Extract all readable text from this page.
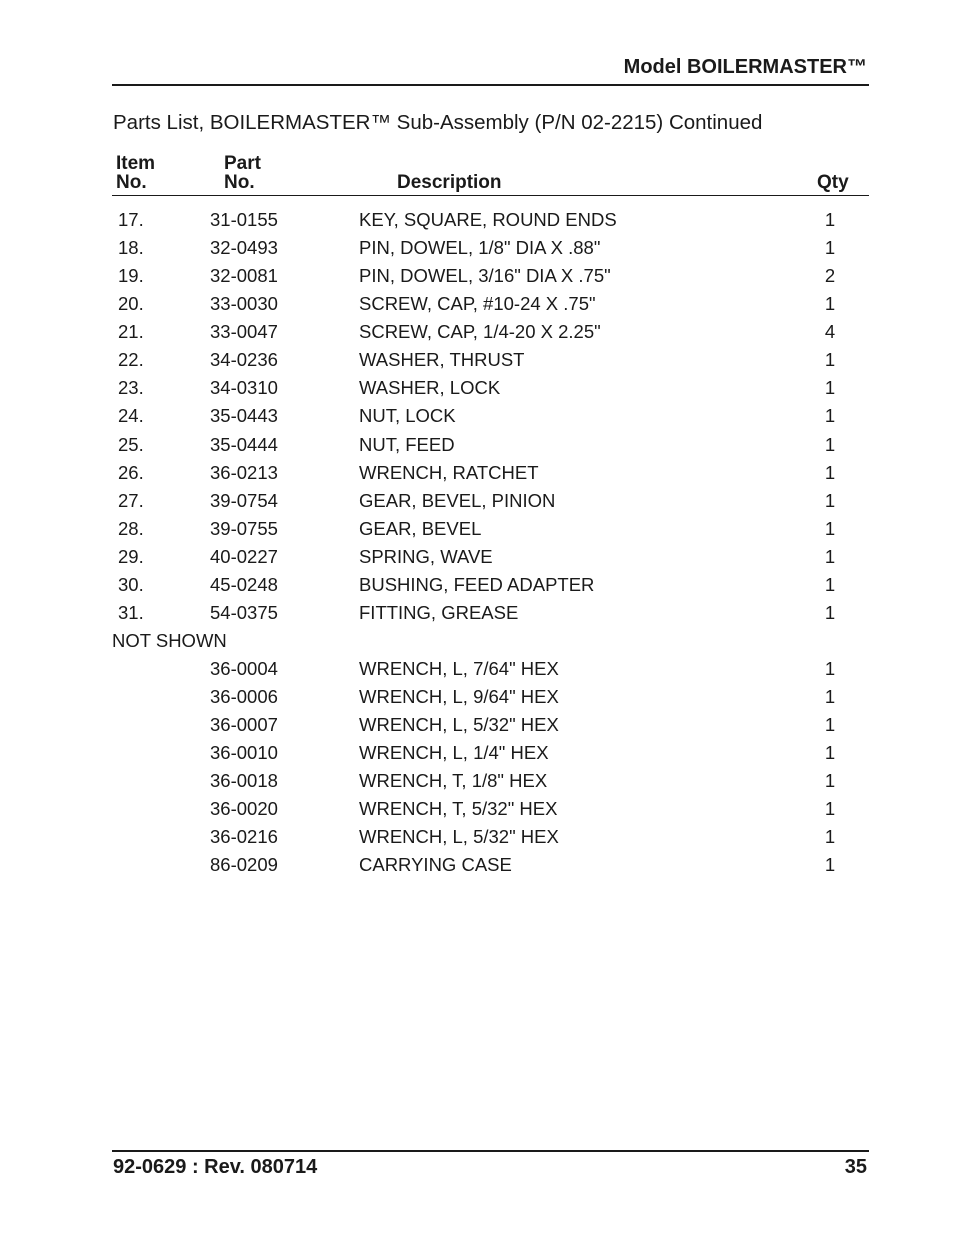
Model BOILERMASTER™
Parts List, BOILERMASTER™ Sub-Assembly (P/N 02-2215) Continued
Item
No.
Part
No.	Description	Qty
17.	31-0155	KEY, SQUARE, ROUND ENDS	1
18.	32-0493	PIN, DOWEL, 1/8" DIA X .88"	1
19.	32-0081	PIN, DOWEL, 3/16" DIA X .75"	2
20.	33-0030	SCREW, CAP, #10-24 X .75"	1
21.	33-0047	SCREW, CAP, 1/4-20 X 2.25"	4
22.	34-0236	WASHER, THRUST	1
23.	34-0310	WASHER, LOCK	1
24.	35-0443	NUT, LOCK	1
25.	35-0444	NUT, FEED	1
26.	36-0213	WRENCH, RATCHET	1
27.	39-0754	GEAR, BEVEL, PINION	1
28.	39-0755	GEAR, BEVEL	1
29.	40-0227	SPRING, WAVE	1
30.	45-0248	BUSHING, FEED ADAPTER	1
31.	54-0375	FITTING, GREASE	1
NOT SHOWN
36-0004	WRENCH, L, 7/64" HEX	1
36-0006	WRENCH, L, 9/64" HEX	1
36-0007	WRENCH, L, 5/32" HEX	1
36-0010	WRENCH, L, 1/4" HEX	1
36-0018	WRENCH, T, 1/8" HEX	1
36-0020	WRENCH, T, 5/32" HEX	1
36-0216	WRENCH, L, 5/32" HEX	1
86-0209	CARRYING CASE	1
92-0629 : Rev. 080714	35
